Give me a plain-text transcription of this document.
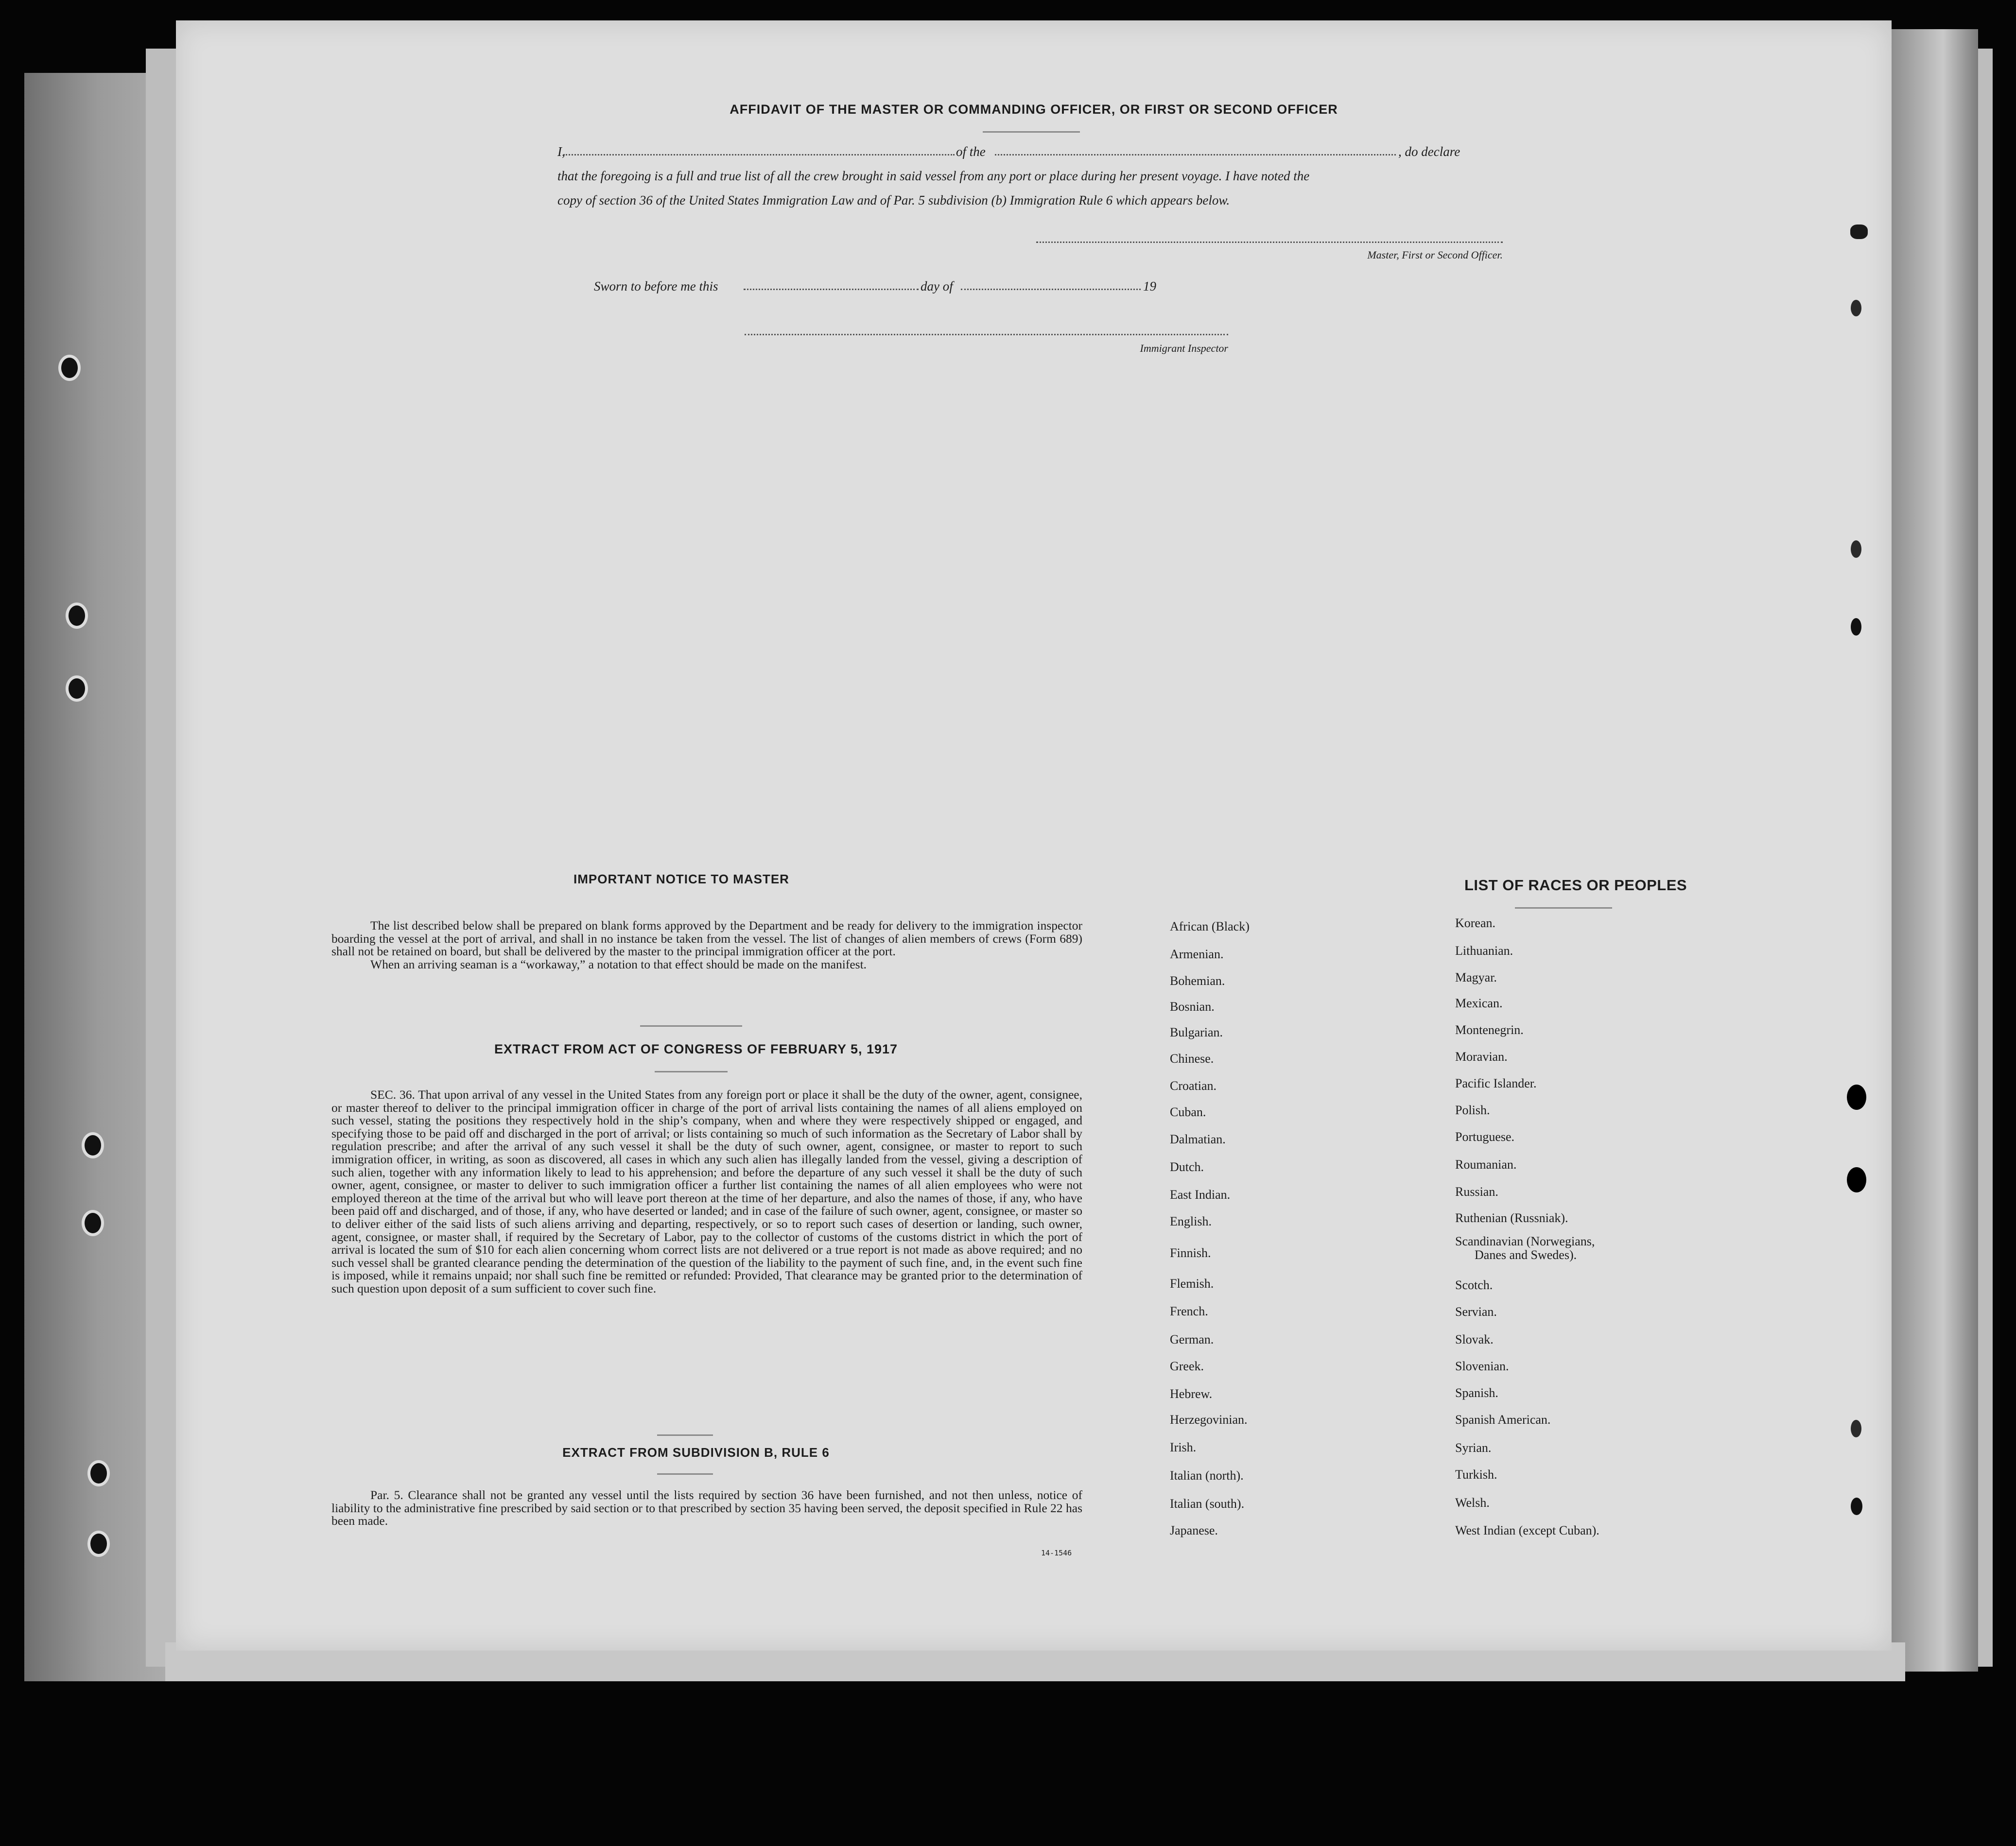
AFFIDAVIT OF THE MASTER OR COMMANDING OFFICER, OR FIRST OR SECOND OFFICER
I,	of the	, do declare
that the foregoing is a full and true list of all the crew brought in said vessel from any port or place during her present voyage. I have noted the
copy of section 36 of the United States Immigration Law and of Par. 5 subdivision (b) Immigration Rule 6 which appears below.
Master, First or Second Officer.
Sworn to before me this	day of	19
Immigrant Inspector
IMPORTANT NOTICE TO MASTER

The list described below shall be prepared on blank forms approved by the Department and be ready for delivery to the immigration inspector boarding the vessel at the port of arrival, and shall in no instance be taken from the vessel. The list of changes of alien members of crews (Form 689) shall not be retained on board, but shall be delivered by the master to the principal immigration officer at the port.

When an arriving seaman is a “workaway,” a notation to that effect should be made on the manifest.

EXTRACT FROM ACT OF CONGRESS OF FEBRUARY 5, 1917

SEC. 36. That upon arrival of any vessel in the United States from any foreign port or place it shall be the duty of the owner, agent, consignee, or master thereof to deliver to the principal immigration officer in charge of the port of arrival lists containing the names of all aliens employed on such vessel, stating the positions they respectively hold in the ship’s company, when and where they were respectively shipped or engaged, and specifying those to be paid off and discharged in the port of arrival; or lists containing so much of such information as the Secretary of Labor shall by regulation prescribe; and after the arrival of any such vessel it shall be the duty of such owner, agent, consignee, or master to report to such immigration officer, in writing, as soon as discovered, all cases in which any such alien has illegally landed from the vessel, giving a description of such alien, together with any information likely to lead to his apprehension; and before the departure of any such vessel it shall be the duty of such owner, agent, consignee, or master to deliver to such immigration officer a further list containing the names of all alien employees who were not employed thereon at the time of the arrival but who will leave port thereon at the time of her departure, and also the names of those, if any, who have been paid off and discharged, and of those, if any, who have deserted or landed; and in case of the failure of such owner, agent, consignee, or master so to deliver either of the said lists of such aliens arriving and departing, respectively, or so to report such cases of desertion or landing, such owner, agent, consignee, or master shall, if required by the Secretary of Labor, pay to the collector of customs of the customs district in which the port of arrival is located the sum of $10 for each alien concerning whom correct lists are not delivered or a true report is not made as above required; and no such vessel shall be granted clearance pending the determination of the question of the liability to the payment of such fine, and, in the event such fine is imposed, while it remains unpaid; nor shall such fine be remitted or refunded: Provided, That clearance may be granted prior to the determination of such question upon deposit of a sum sufficient to cover such fine.

EXTRACT FROM SUBDIVISION B, RULE 6

Par. 5. Clearance shall not be granted any vessel until the lists required by section 36 have been furnished, and not then unless, notice of liability to the administrative fine prescribed by said section or to that prescribed by section 35 having been served, the deposit specified in Rule 22 has been made.

14-1546
LIST OF RACES OR PEOPLES
African (Black)
Armenian.
Bohemian.
Bosnian.
Bulgarian.
Chinese.
Croatian.
Cuban.
Dalmatian.
Dutch.
East Indian.
English.
Finnish.
Flemish.
French.
German.
Greek.
Hebrew.
Herzegovinian.
Irish.
Italian (north).
Italian (south).
Japanese.
Korean.
Lithuanian.
Magyar.
Mexican.
Montenegrin.
Moravian.
Pacific Islander.
Polish.
Portuguese.
Roumanian.
Russian.
Ruthenian (Russniak).
Scandinavian (Norwegians,
Danes and Swedes).
Scotch.
Servian.
Slovak.
Slovenian.
Spanish.
Spanish American.
Syrian.
Turkish.
Welsh.
West Indian (except Cuban).
